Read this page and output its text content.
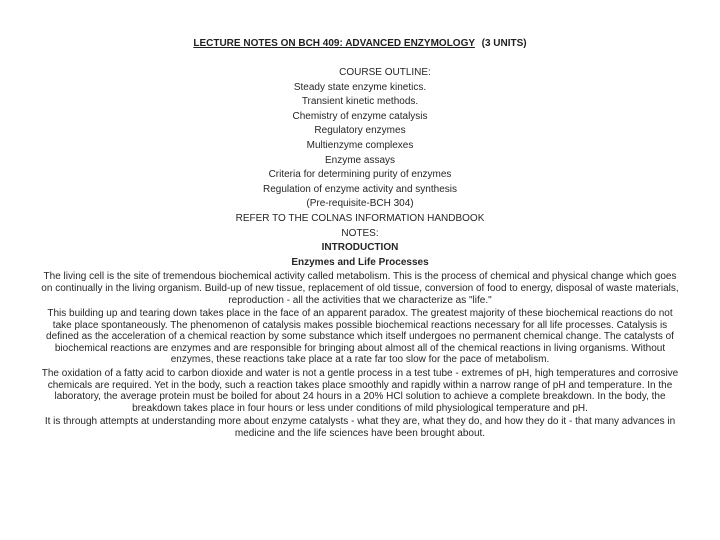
LECTURE NOTES ON BCH 409: ADVANCED ENZYMOLOGY (3 UNITS)

COURSE OUTLINE:

Steady state enzyme kinetics.

Transient kinetic methods.

Chemistry of enzyme catalysis

Regulatory enzymes

Multienzyme complexes

Enzyme assays

Criteria for determining purity of enzymes

Regulation of enzyme activity and synthesis

(Pre-requisite-BCH 304)

REFER TO THE COLNAS INFORMATION HANDBOOK

NOTES:

INTRODUCTION

Enzymes and Life Processes

The living cell is the site of tremendous biochemical activity called metabolism. This is the process of chemical and physical change which goes on continually in the living organism. Build-up of new tissue, replacement of old tissue, conversion of food to energy, disposal of waste materials, reproduction - all the activities that we characterize as "life."

This building up and tearing down takes place in the face of an apparent paradox. The greatest majority of these biochemical reactions do not take place spontaneously. The phenomenon of catalysis makes possible biochemical reactions necessary for all life processes. Catalysis is defined as the acceleration of a chemical reaction by some substance which itself undergoes no permanent chemical change. The catalysts of biochemical reactions are enzymes and are responsible for bringing about almost all of the chemical reactions in living organisms. Without enzymes, these reactions take place at a rate far too slow for the pace of metabolism.

The oxidation of a fatty acid to carbon dioxide and water is not a gentle process in a test tube - extremes of pH, high temperatures and corrosive chemicals are required. Yet in the body, such a reaction takes place smoothly and rapidly within a narrow range of pH and temperature. In the laboratory, the average protein must be boiled for about 24 hours in a 20% HCl solution to achieve a complete breakdown. In the body, the breakdown takes place in four hours or less under conditions of mild physiological temperature and pH.

It is through attempts at understanding more about enzyme catalysts - what they are, what they do, and how they do it - that many advances in medicine and the life sciences have been brought about.
